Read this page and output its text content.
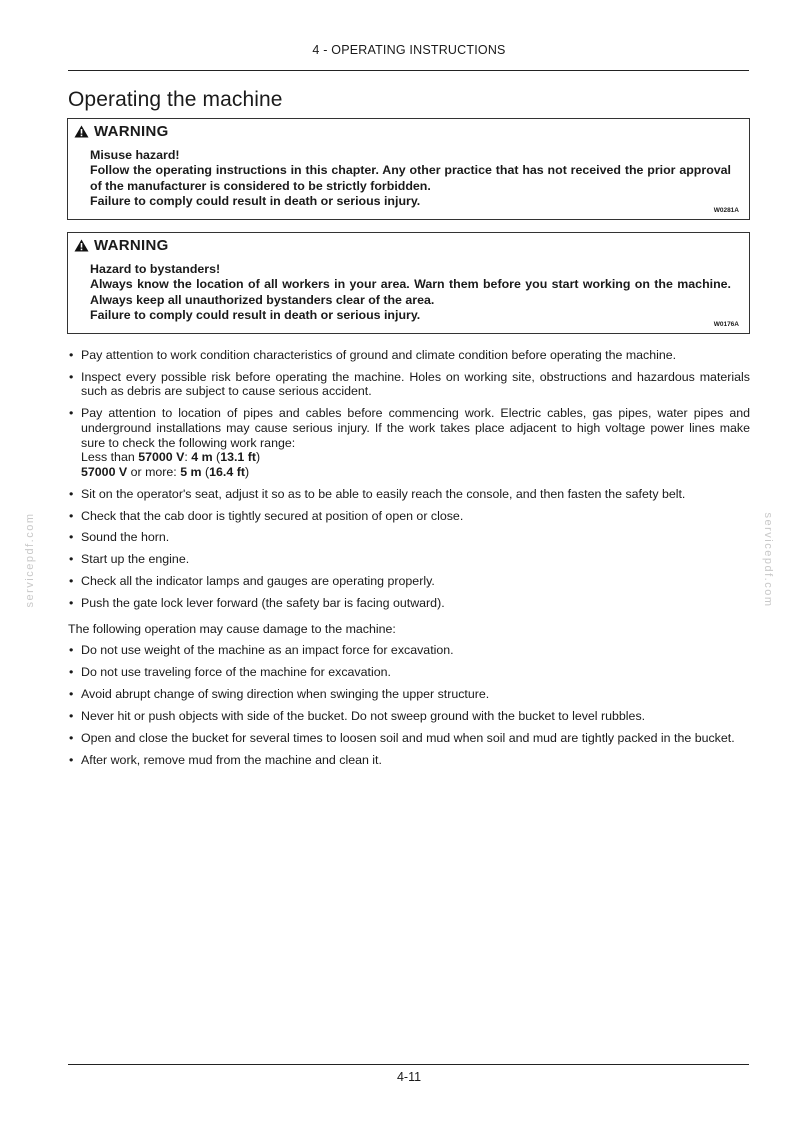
4 - OPERATING INSTRUCTIONS
Operating the machine
WARNING

Misuse hazard!

Follow the operating instructions in this chapter. Any other practice that has not received the prior approval of the manufacturer is considered to be strictly forbidden.

Failure to comply could result in death or serious injury.

W0281A
WARNING

Hazard to bystanders!

Always know the location of all workers in your area. Warn them before you start working on the machine. Always keep all unauthorized bystanders clear of the area.

Failure to comply could result in death or serious injury.

W0176A
• Pay attention to work condition characteristics of ground and climate condition before operating the machine.
• Inspect every possible risk before operating the machine. Holes on working site, obstructions and hazardous materials such as debris are subject to cause serious accident.
• Pay attention to location of pipes and cables before commencing work. Electric cables, gas pipes, water pipes and underground installations may cause serious injury. If the work takes place adjacent to high voltage power lines make sure to check the following work range:
Less than 57000 V: 4 m (13.1 ft)
57000 V or more: 5 m (16.4 ft)
• Sit on the operator's seat, adjust it so as to be able to easily reach the console, and then fasten the safety belt.
• Check that the cab door is tightly secured at position of open or close.
• Sound the horn.
• Start up the engine.
• Check all the indicator lamps and gauges are operating properly.
• Push the gate lock lever forward (the safety bar is facing outward).

The following operation may cause damage to the machine:

• Do not use weight of the machine as an impact force for excavation.
• Do not use traveling force of the machine for excavation.
• Avoid abrupt change of swing direction when swinging the upper structure.
• Never hit or push objects with side of the bucket. Do not sweep ground with the bucket to level rubbles.
• Open and close the bucket for several times to loosen soil and mud when soil and mud are tightly packed in the bucket.
• After work, remove mud from the machine and clean it.
servicepdf.com	servicepdf.com
4-11
